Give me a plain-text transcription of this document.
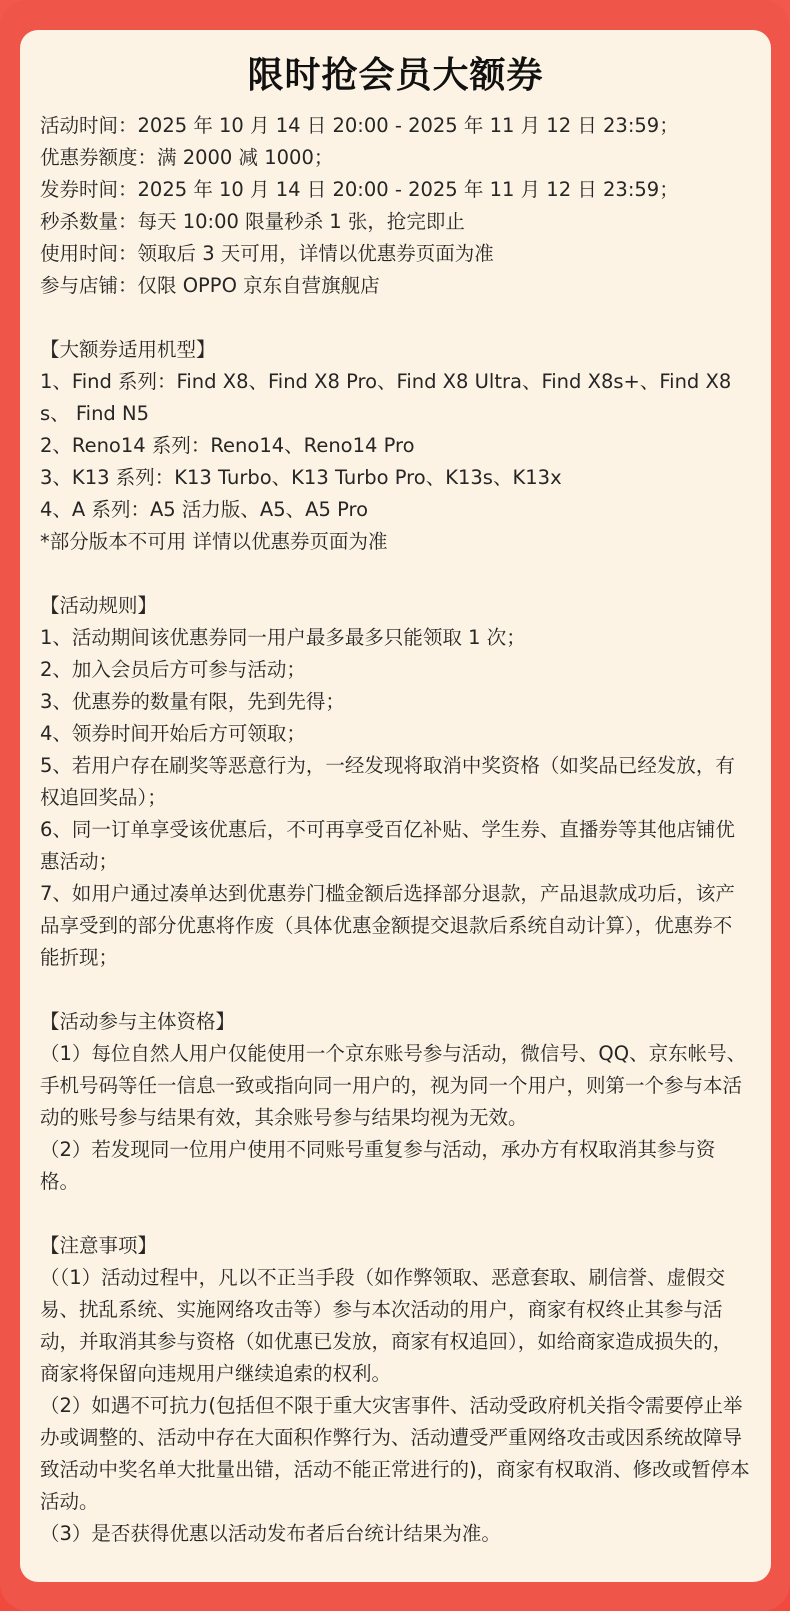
限时抢会员大额券
活动时间：2025 年 10 月 14 日 20:00 - 2025 年 11 月 12 日 23:59；
优惠券额度：满 2000 减 1000；
发券时间：2025 年 10 月 14 日 20:00 - 2025 年 11 月 12 日 23:59；
秒杀数量：每天 10:00 限量秒杀 1 张，抢完即止
使用时间：领取后 3 天可用，详情以优惠券页面为准
参与店铺：仅限 OPPO 京东自营旗舰店
【大额券适用机型】
1、Find 系列：Find X8、Find X8 Pro、Find X8 Ultra、Find X8s+、Find X8s、 Find N5
2、Reno14 系列：Reno14、Reno14 Pro
3、K13 系列：K13 Turbo、K13 Turbo Pro、K13s、K13x
4、A 系列：A5 活力版、A5、A5 Pro
*部分版本不可用 详情以优惠券页面为准
【活动规则】
1、活动期间该优惠券同一用户最多最多只能领取 1 次；
2、加入会员后方可参与活动；
3、优惠券的数量有限，先到先得；
4、领券时间开始后方可领取；
5、若用户存在刷奖等恶意行为，一经发现将取消中奖资格（如奖品已经发放，有权追回奖品）；
6、同一订单享受该优惠后，不可再享受百亿补贴、学生券、直播券等其他店铺优惠活动；
7、如用户通过凑单达到优惠券门槛金额后选择部分退款，产品退款成功后，该产品享受到的部分优惠将作废（具体优惠金额提交退款后系统自动计算），优惠券不能折现；
【活动参与主体资格】
（1）每位自然人用户仅能使用一个京东账号参与活动，微信号、QQ、京东帐号、手机号码等任一信息一致或指向同一用户的，视为同一个用户，则第一个参与本活动的账号参与结果有效，其余账号参与结果均视为无效。
（2）若发现同一位用户使用不同账号重复参与活动，承办方有权取消其参与资格。
【注意事项】
（（1）活动过程中，凡以不正当手段（如作弊领取、恶意套取、刷信誉、虚假交易、扰乱系统、实施网络攻击等）参与本次活动的用户，商家有权终止其参与活动，并取消其参与资格（如优惠已发放，商家有权追回），如给商家造成损失的，商家将保留向违规用户继续追索的权利。
（2）如遇不可抗力(包括但不限于重大灾害事件、活动受政府机关指令需要停止举办或调整的、活动中存在大面积作弊行为、活动遭受严重网络攻击或因系统故障导致活动中奖名单大批量出错，活动不能正常进行的)，商家有权取消、修改或暂停本活动。
（3）是否获得优惠以活动发布者后台统计结果为准。
